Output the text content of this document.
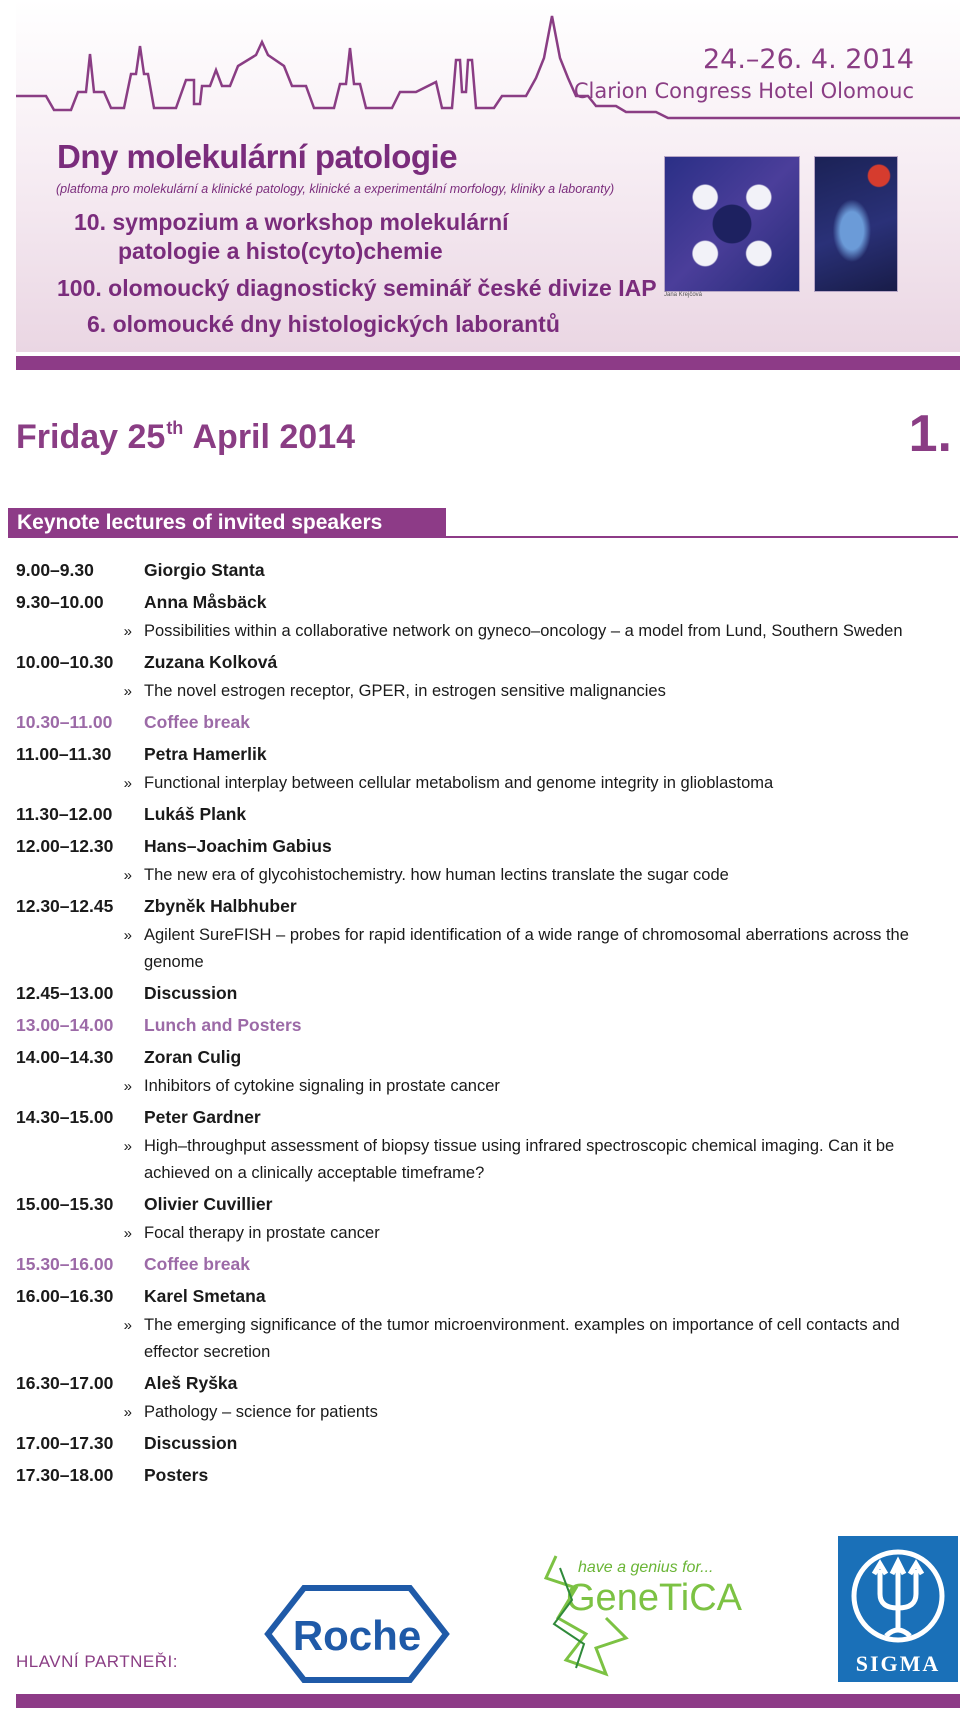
24.–26. 4. 2014
Clarion Congress Hotel Olomouc
Dny molekulární patologie
(platfoma pro molekulární a klinické patology, klinické a experimentální morfology, kliniky a laboranty)
10. sympozium a workshop molekulární
patologie a histo(cyto)chemie
100. olomoucký diagnostický seminář české divize IAP
6. olomoucké dny histologických laborantů
Jana Krejčová
Friday 25th April 2014	1.
Keynote lectures of invited speakers
9.00–9.30	Giorgio Stanta
9.30–10.00	Anna Måsbäck
» Possibilities within a collaborative network on gyneco–oncology – a model from Lund, Southern Sweden
10.00–10.30	Zuzana Kolková
» The novel estrogen receptor, GPER, in estrogen sensitive malignancies
10.30–11.00	Coffee break
11.00–11.30	Petra Hamerlik
» Functional interplay between cellular metabolism and genome integrity in glioblastoma
11.30–12.00	Lukáš Plank
12.00–12.30	Hans–Joachim Gabius
» The new era of glycohistochemistry. how human lectins translate the sugar code
12.30–12.45	Zbyněk Halbhuber
» Agilent SureFISH – probes for rapid identification of a wide range of chromosomal aberrations across the genome
12.45–13.00	Discussion
13.00–14.00	Lunch and Posters
14.00–14.30	Zoran Culig
» Inhibitors of cytokine signaling in prostate cancer
14.30–15.00	Peter Gardner
» High–throughput assessment of biopsy tissue using infrared spectroscopic chemical imaging. Can it be achieved on a clinically acceptable timeframe?
15.00–15.30	Olivier Cuvillier
» Focal therapy in prostate cancer
15.30–16.00	Coffee break
16.00–16.30	Karel Smetana
» The emerging significance of the tumor microenvironment. examples on importance of cell contacts and effector secretion
16.30–17.00	Aleš Ryška
» Pathology – science for patients
17.00–17.30	Discussion
17.30–18.00	Posters
HLAVNÍ PARTNEŘI:
Roche
have a genius for...
GeneTiCA
SIGMA
